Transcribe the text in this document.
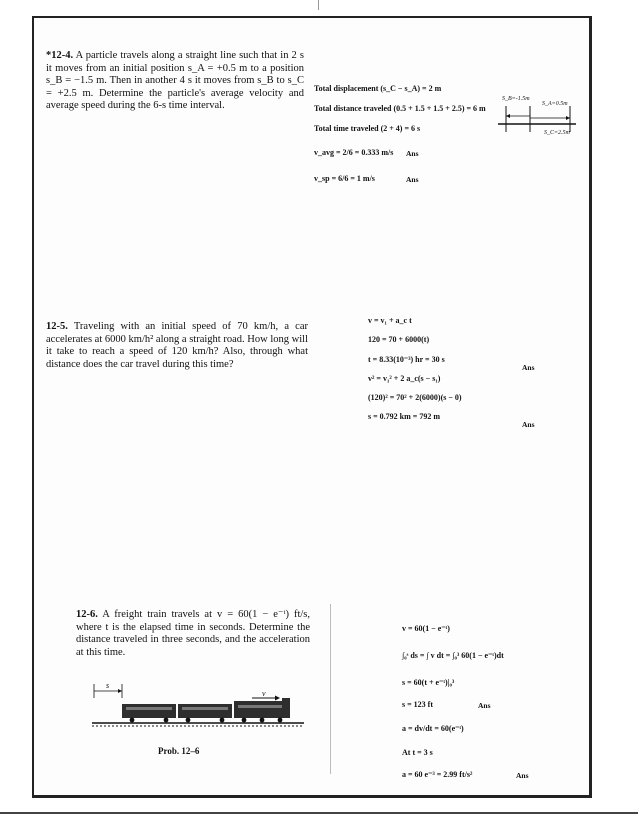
*12-4. A particle travels along a straight line such that in 2 s it moves from an initial position s_A = +0.5 m to a position s_B = −1.5 m. Then in another 4 s it moves from s_B to s_C = +2.5 m. Determine the particle's average velocity and average speed during the 6-s time interval.
Total displacement (s_C − s_A) = 2 m
Total distance traveled (0.5 + 1.5 + 1.5 + 2.5) = 6 m
Total time traveled (2 + 4) = 6 s
v_avg = 2/6 = 0.333 m/s Ans
v_sp = 6/6 = 1 m/s	Ans
S_B=-1.5m
S_A=0.5m
S_C=2.5m
12-5. Traveling with an initial speed of 70 km/h, a car accelerates at 6000 km/h² along a straight road. How long will it take to reach a speed of 120 km/h? Also, through what distance does the car travel during this time?
v = v₁ + a_c t
120 = 70 + 6000(t)
t = 8.33(10⁻³) hr = 30 s
Ans
v² = v₁² + 2 a_c(s − s₁)
(120)² = 70² + 2(6000)(s − 0)
s = 0.792 km = 792 m
Ans
12-6. A freight train travels at v = 60(1 − e⁻ᵗ) ft/s, where t is the elapsed time in seconds. Determine the distance traveled in three seconds, and the acceleration at this time.
s
v
Prob. 12–6
v = 60(1 − e⁻ᵗ)
∫₀ˢ ds = ∫ v dt = ∫₀³ 60(1 − e⁻ᵗ)dt
s = 60(t + e⁻ᵗ)|₀³
s = 123 ft	Ans
a = dv/dt = 60(e⁻ᵗ)
At t = 3 s
a = 60 e⁻³ = 2.99 ft/s²	Ans
